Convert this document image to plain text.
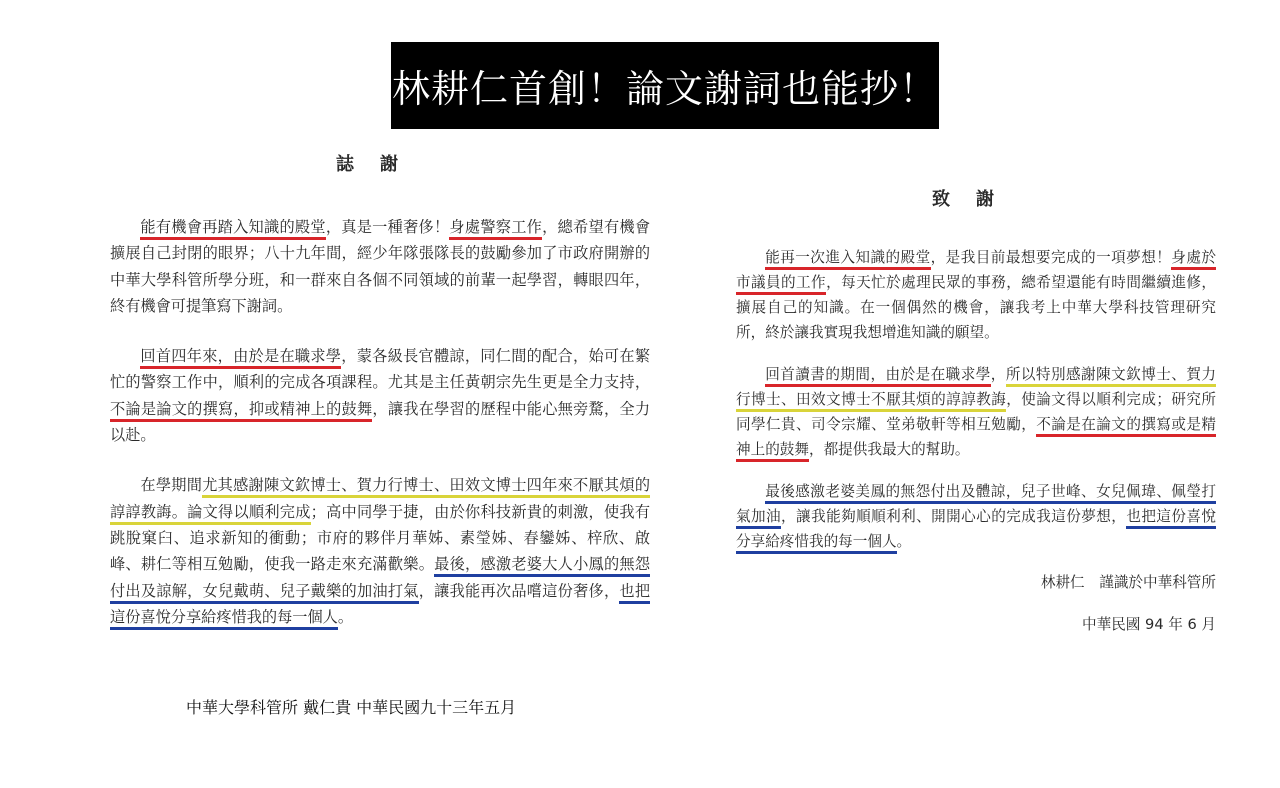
林耕仁首創！論文謝詞也能抄！
誌謝

能有機會再踏入知識的殿堂，真是一種奢侈！身處警察工作，總希望有機會擴展自己封閉的眼界；八十九年間，經少年隊張隊長的鼓勵參加了市政府開辦的中華大學科管所學分班，和一群來自各個不同領域的前輩一起學習，轉眼四年，終有機會可提筆寫下謝詞。

回首四年來，由於是在職求學，蒙各級長官體諒，同仁間的配合，始可在繁忙的警察工作中，順利的完成各項課程。尤其是主任黃朝宗先生更是全力支持，不論是論文的撰寫，抑或精神上的鼓舞，讓我在學習的歷程中能心無旁騖，全力以赴。

在學期間尤其感謝陳文欽博士、賀力行博士、田效文博士四年來不厭其煩的諄諄教誨。論文得以順利完成；高中同學于捷，由於你科技新貴的刺激，使我有跳脫窠臼、追求新知的衝動；市府的夥伴月華姊、素瑩姊、春鑾姊、梓欣、啟峰、耕仁等相互勉勵，使我一路走來充滿歡樂。最後，感激老婆大人小鳳的無怨付出及諒解，女兒戴萌、兒子戴樂的加油打氣，讓我能再次品嚐這份奢侈，也把這份喜悅分享給疼惜我的每一個人。

致謝

能再一次進入知識的殿堂，是我目前最想要完成的一項夢想！身處於市議員的工作，每天忙於處理民眾的事務，總希望還能有時間繼續進修，擴展自己的知識。在一個偶然的機會，讓我考上中華大學科技管理研究所，終於讓我實現我想增進知識的願望。

回首讀書的期間，由於是在職求學，所以特別感謝陳文欽博士、賀力行博士、田效文博士不厭其煩的諄諄教誨，使論文得以順利完成；研究所同學仁貴、司令宗耀、堂弟敬軒等相互勉勵，不論是在論文的撰寫或是精神上的鼓舞，都提供我最大的幫助。

最後感激老婆美鳳的無怨付出及體諒，兒子世峰、女兒佩瑋、佩瑩打氣加油，讓我能夠順順利利、開開心心的完成我這份夢想，也把這份喜悅分享給疼惜我的每一個人。

林耕仁　謹識於中華科管所

中華民國 94 年 6 月

中華大學科管所 戴仁貴 中華民國九十三年五月
